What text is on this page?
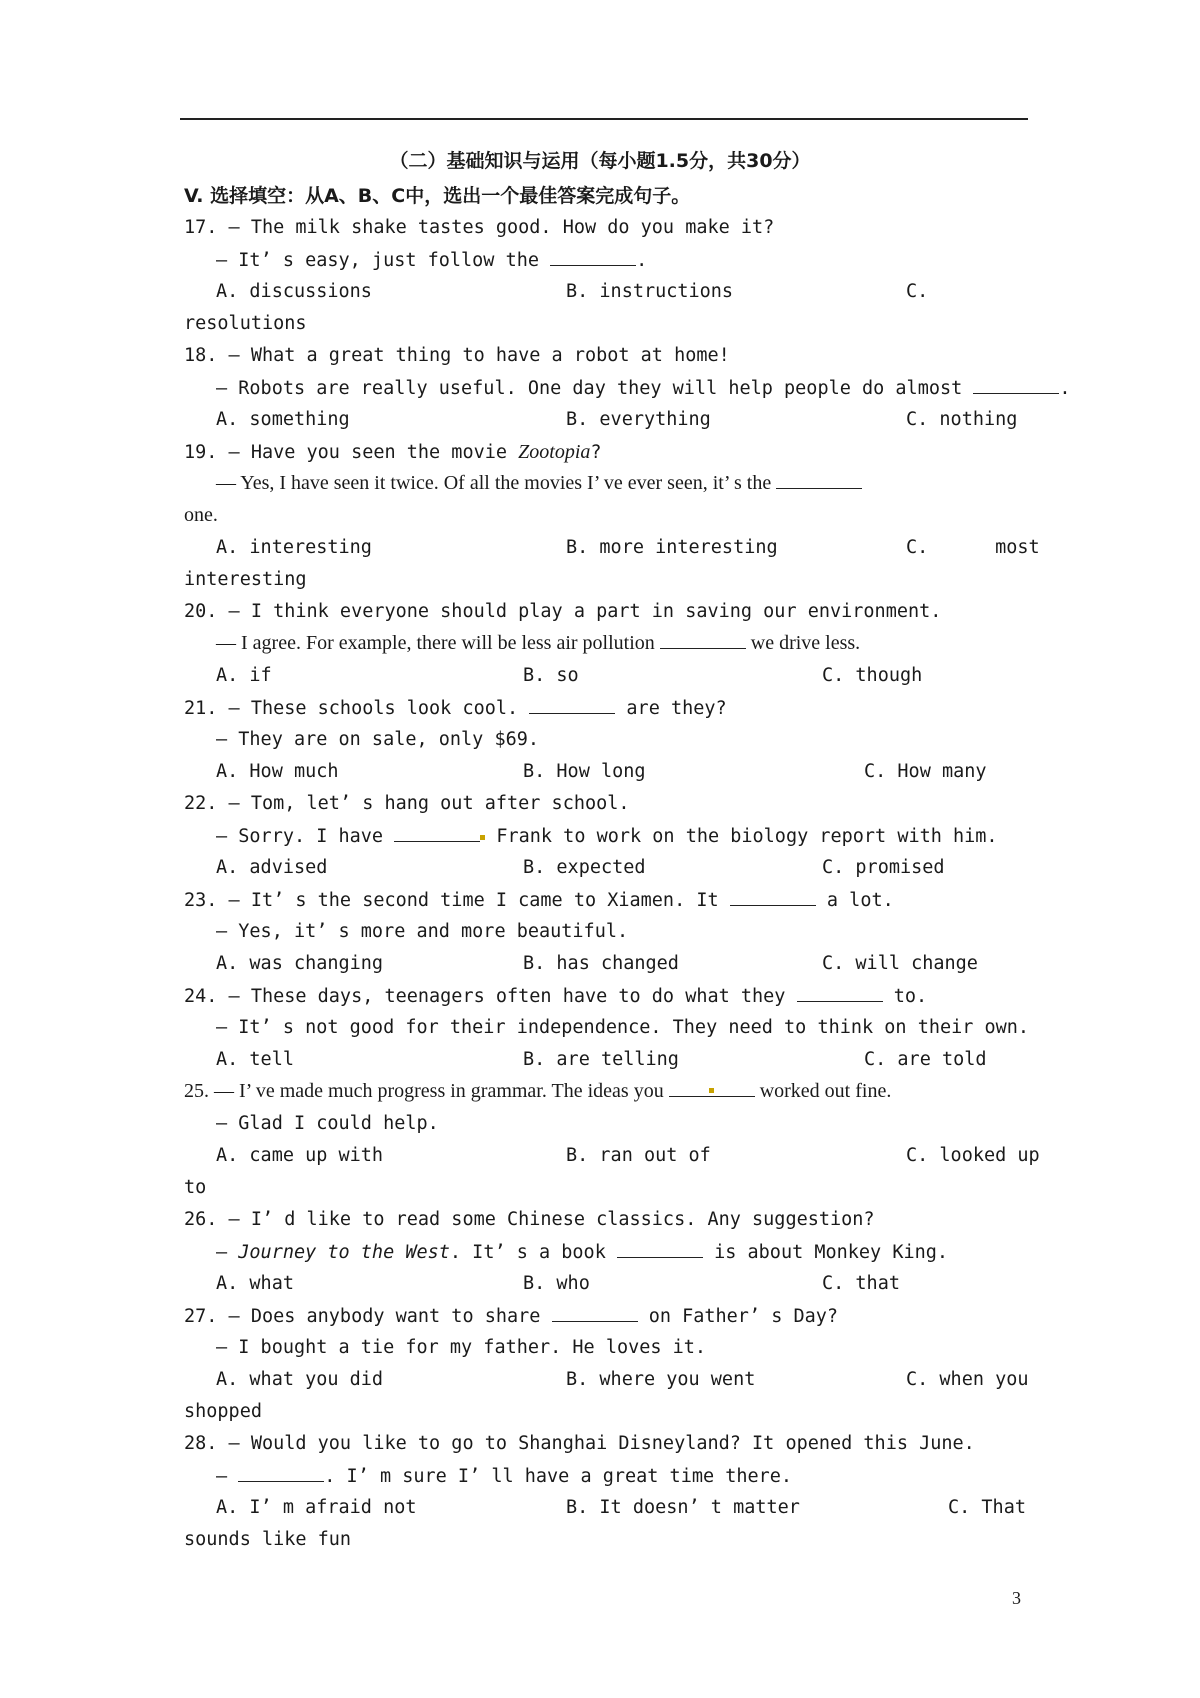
（二）基础知识与运用（每小题1.5分，共30分）
V. 选择填空：从A、B、C中，选出一个最佳答案完成句子。
17. — The milk shake tastes good. How do you make it?
— It’ s easy, just follow the	.
A. discussions	B. instructions	C.
resolutions
18. — What a great thing to have a robot at home!
— Robots are really useful. One day they will help people do almost	.
A. something	B. everything	C. nothing
19. — Have you seen the movie Zootopia?
— Yes, I have seen it twice. Of all the movies I’ ve ever seen, it’ s the
one.
A. interesting	B. more interesting	C.      most
interesting
20. — I think everyone should play a part in saving our environment.
— I agree. For example, there will be less air pollution	we drive less.
A. if	B. so	C. though
21. — These schools look cool.	are they?
— They are on sale, only $69.
A. How much	B. How long	C. How many
22. — Tom, let’ s hang out after school.
— Sorry. I have	Frank to work on the biology report with him.
A. advised	B. expected	C. promised
23. — It’ s the second time I came to Xiamen. It	a lot.
— Yes, it’ s more and more beautiful.
A. was changing	B. has changed	C. will change
24. — These days, teenagers often have to do what they	to.
— It’ s not good for their independence. They need to think on their own.
A. tell	B. are telling	C. are told
25. — I’ ve made much progress in grammar. The ideas you	worked out fine.
— Glad I could help.
A. came up with	B. ran out of	C. looked up
to
26. — I’ d like to read some Chinese classics. Any suggestion?
— Journey to the West. It’ s a book	is about Monkey King.
A. what	B. who	C. that
27. — Does anybody want to share	on Father’ s Day?
— I bought a tie for my father. He loves it.
A. what you did	B. where you went	C. when you
shopped
28. — Would you like to go to Shanghai Disneyland? It opened this June.
—	. I’ m sure I’ ll have a great time there.
A. I’ m afraid not	B. It doesn’ t matter	C. That
sounds like fun
3
